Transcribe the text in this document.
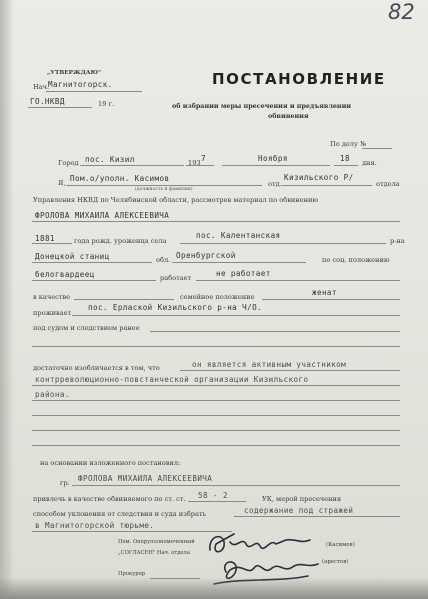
82
„УТВЕРЖДАЮ"
Нач.
Магнитогорск.
ГО.НКВД	19 г.
ПОСТАНОВЛЕНИЕ
об избрании меры пресечения и предъявлении
обвинения
По делу №
Город пос. Кизил	193 7	Ноября	18 дня.
Я, Пом.о/уполн. Касимов
(должность и фамилия)
отд.
Кизильского Р/
отдела
Управления НКВД по Челябинской области, рассмотрев материал по обвинению
ФРОЛОВА МИХАИЛА АЛЕКСЕЕВИЧА
1881	года рожд. уроженца села
пос. Калентанская
р-на
Донецкой станиц	обл. Оренбургской	по соц. положению
белогвардеец	работает	не работает
в качестве	семейное положение	женат
проживает
пос. Ерлаской Кизильского р-на Ч/О.
под судом и следствием ранее
достаточно изобличается в том, что	он является активным участником
контрреволюционно-повстанческой организации Кизильского
района.
на основании изложенного постановил:
гр. ФРОЛОВА МИХАИЛА АЛЕКСЕЕВИЧА
привлечь в качестве обвиняемого по ст. ст. 58 - 2	УК, мерой пресечения
способом уклонения от следствия и суда избрать	содержание под стражей
в Магнитогорской тюрьме.
Пом. Оперуполномоченный
„СОГЛАСЕН" Нач. отдела
Прокурор
(Касимов)
(арестов)
